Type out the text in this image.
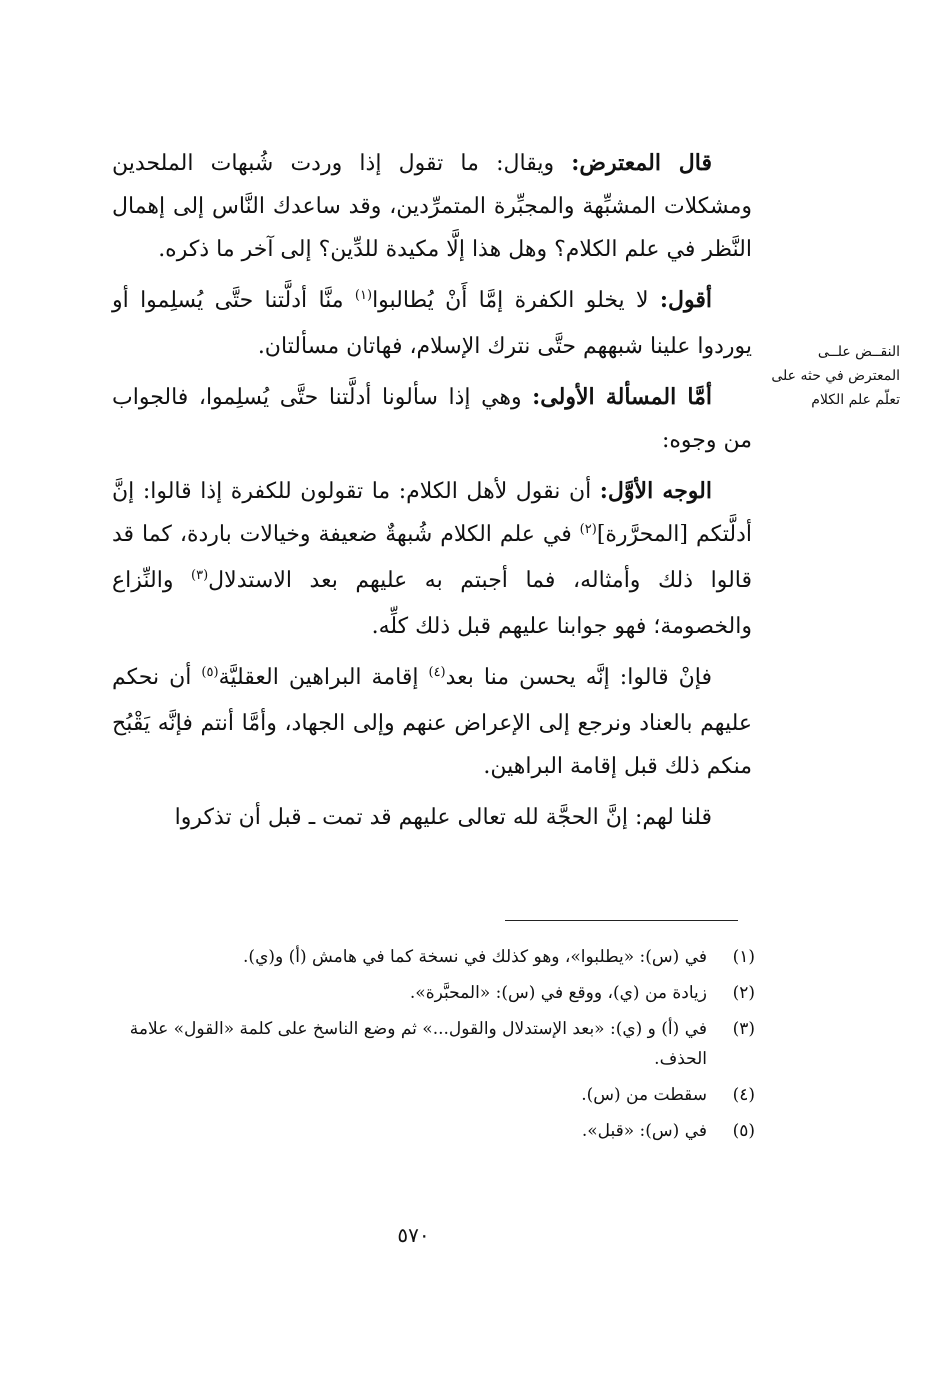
قال المعترض: ويقال: ما تقول إذا وردت شُبهات الملحدين ومشكلات المشبِّهة والمجبِّرة المتمرِّدين، وقد ساعدك النَّاس إلى إهمال النَّظر في علم الكلام؟ وهل هذا إلَّا مكيدة للدِّين؟ إلى آخر ما ذكره.

أقول: لا يخلو الكفرة إمَّا أَنْ يُطالبوا$^{(١)}$ منَّا أدلَّتنا حتَّى يُسلِموا أو يوردوا علينا شبههم حتَّى نترك الإسلام، فهاتان مسألتان.

أمَّا المسألة الأولى: وهي إذا سألونا أدلَّتنا حتَّى يُسلِموا، فالجواب من وجوه:

الوجه الأوَّل: أن نقول لأهل الكلام: ما تقولون للكفرة إذا قالوا: إنَّ أدلَّتكم [المحرَّرة]$^{(٢)}$ في علم الكلام شُبهةٌ ضعيفة وخيالات باردة، كما قد قالوا ذلك وأمثاله، فما أجبتم به عليهم بعد الاستدلال$^{(٣)}$ والنِّزاع والخصومة؛ فهو جوابنا عليهم قبل ذلك كلِّه.

فإنْ قالوا: إنَّه يحسن منا بعد$^{(٤)}$ إقامة البراهين العقليَّة$^{(٥)}$ أن نحكم عليهم بالعناد ونرجع إلى الإعراض عنهم وإلى الجهاد، وأمَّا أنتم فإنَّه يَقْبُح منكم ذلك قبل إقامة البراهين.

قلنا لهم: إنَّ الحجَّة لله تعالى عليهم قد تمت ـ قبل أن تذكروا

النقــض علــى المعترض في حثه على تعلّم علم الكلام
(١)
في (س): «يطلبوا»، وهو كذلك في نسخة كما في هامش (أ) و(ي).
(٢)
زيادة من (ي)، ووقع في (س): «المحبَّرة».
(٣)
في (أ) و (ي): «بعد الإستدلال والقول...» ثم وضع الناسخ على كلمة «القول» علامة الحذف.
(٤)
سقطت من (س).
(٥)
في (س): «قبل».
٥٧٠
